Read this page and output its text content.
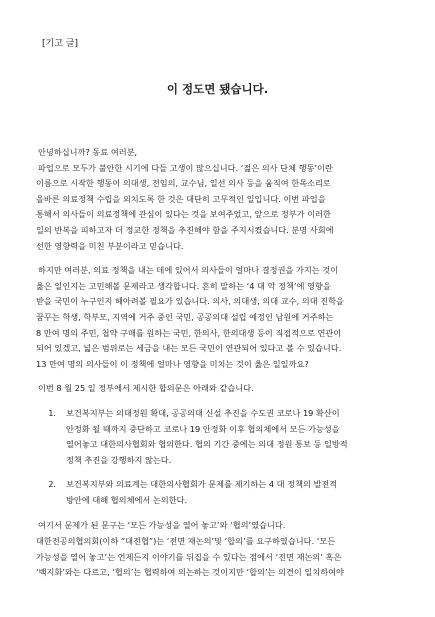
[기고 글]
이 정도면 됐습니다.
안녕하십니까? 동료 여러분,
파업으로 모두가 불안한 시기에 다들 고생이 많으십니다. ‘젊은 의사 단체 행동’이란
이름으로 시작한 행동이 의대생, 전임의, 교수님, 일선 의사 등을 움직여 한목소리로
올바른 의료정책 수립을 외치도록 한 것은 대단히 고무적인 일입니다. 이번 파업을
통해서 의사들이 의료정책에 관심이 있다는 것을 보여주었고, 앞으로 정부가 이러한
일의 반복을 피하고자 더 정교한 정책을 추진해야 함을 주지시켰습니다. 분명 사회에
선한 영향력을 미친 부분이라고 믿습니다.
하지만 여러분, 의료 정책을 내는 데에 있어서 의사들이 얼마나 결정권을 가지는 것이
옳은 일인지는 고민해볼 문제라고 생각합니다. 흔히 말하는 ‘4 대 악 정책’에 영향을
받을 국민이 누구인지 헤아려볼 필요가 있습니다. 의사, 의대생, 의대 교수, 의대 진학을
꿈꾸는 학생, 학부모, 지역에 거주 중인 국민, 공공의대 설립 예정인 남원에 거주하는
8 만여 명의 주민, 첩약 구매를 원하는 국민, 한의사, 한의대생 등이 직접적으로 연관이
되어 있겠고, 넓은 범위로는 세금을 내는 모든 국민이 연관되어 있다고 볼 수 있습니다.
13 만여 명의 의사들이 이 정책에 얼마나 영향을 미치는 것이 옳은 일일까요?
이번 8 월 25 일 정부에서 제시한 합의문은 아래와 같습니다.
1.	보건복지부는 의대정원 확대, 공공의대 신설 추진을 수도권 코로나 19 확산이
안정화 될 때까지 중단하고 코로나 19 안정화 이후 협의체에서 모든 가능성을
열어놓고 대한의사협회와 협의한다. 협의 기간 중에는 의대 정원 통보 등 일방적
정책 추진을 강행하지 않는다.
2.	보건복지부와 의료계는 대한의사협회가 문제를 제기하는 4 대 정책의 발전적
방안에 대해 협의체에서 논의한다.
여기서 문제가 된 문구는 ‘모든 가능성을 열어 놓고’와 ‘협의’였습니다.
대한전공의협의회(이하 “대전협”)는 ‘전면 재논의’및 ‘합의’를 요구하였습니다. ‘모든
가능성을 열어 놓고’는 언제든지 이야기를 뒤집을 수 있다는 점에서 ‘전면 재논의’ 혹은
‘백지화’와는 다르고, ‘협의’는 협력하여 의논하는 것이지만 ‘합의’는 의견이 일치하여야
